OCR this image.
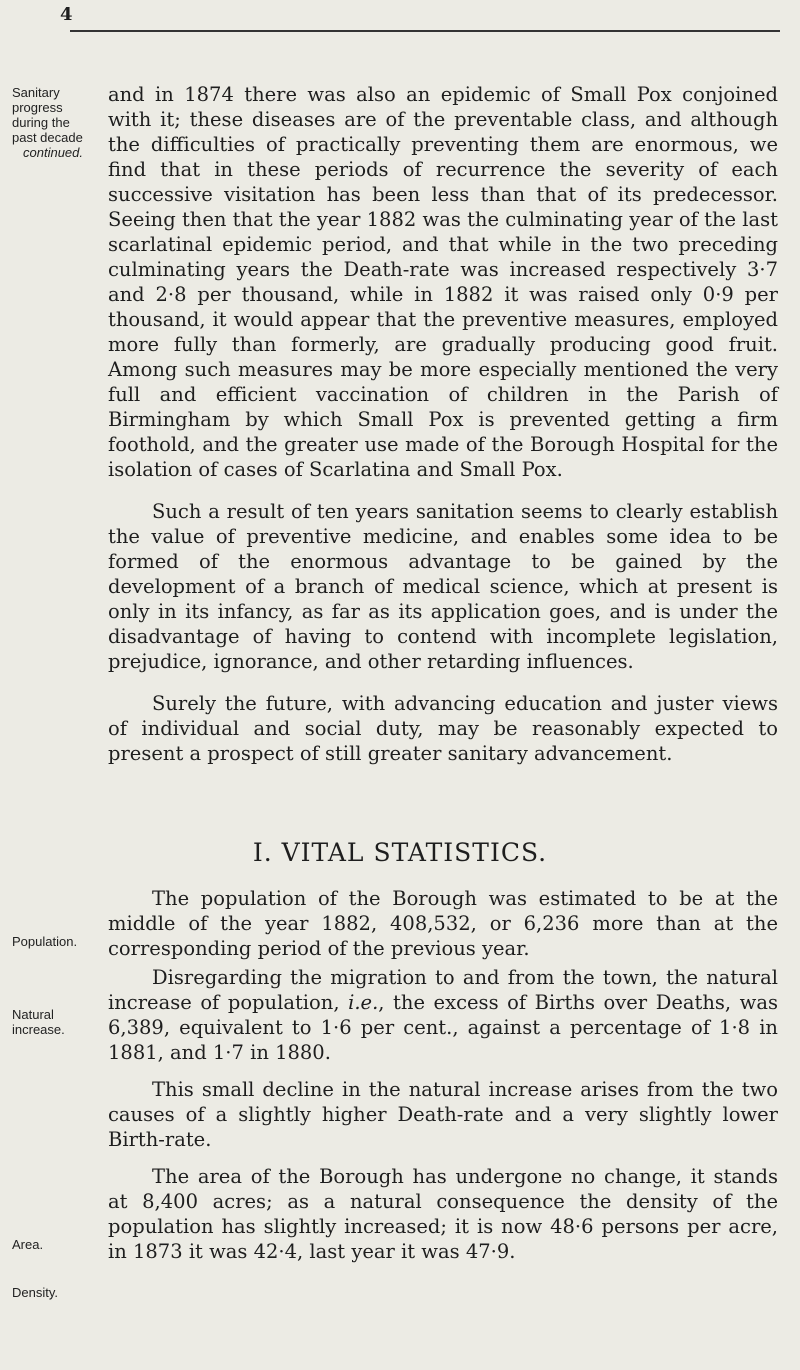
4
Sanitary progress during the past decade
continued.
Population.
Natural increase.
Area.
Density.

and in 1874 there was also an epidemic of Small Pox conjoined with it; these diseases are of the preventable class, and although the difficulties of practically preventing them are enormous, we find that in these periods of recurrence the severity of each successive visitation has been less than that of its predecessor. Seeing then that the year 1882 was the culminating year of the last scarlatinal epidemic period, and that while in the two preceding culminating years the Death-rate was increased respectively 3·7 and 2·8 per thousand, while in 1882 it was raised only 0·9 per thousand, it would appear that the preventive measures, employed more fully than formerly, are gradually producing good fruit. Among such measures may be more especially mentioned the very full and efficient vaccination of children in the Parish of Birmingham by which Small Pox is prevented getting a firm foothold, and the greater use made of the Borough Hospital for the isolation of cases of Scarlatina and Small Pox.

Such a result of ten years sanitation seems to clearly establish the value of preventive medicine, and enables some idea to be formed of the enormous advantage to be gained by the development of a branch of medical science, which at present is only in its infancy, as far as its application goes, and is under the disadvantage of having to contend with incomplete legislation, prejudice, ignorance, and other retarding influences.

Surely the future, with advancing education and juster views of individual and social duty, may be reasonably expected to present a prospect of still greater sanitary advancement.

I. VITAL STATISTICS.

The population of the Borough was estimated to be at the middle of the year 1882, 408,532, or 6,236 more than at the corresponding period of the previous year.

Disregarding the migration to and from the town, the natural increase of population, i.e., the excess of Births over Deaths, was 6,389, equivalent to 1·6 per cent., against a percentage of 1·8 in 1881, and 1·7 in 1880.

This small decline in the natural increase arises from the two causes of a slightly higher Death-rate and a very slightly lower Birth-rate.

The area of the Borough has undergone no change, it stands at 8,400 acres; as a natural consequence the density of the population has slightly increased; it is now 48·6 persons per acre, in 1873 it was 42·4, last year it was 47·9.
